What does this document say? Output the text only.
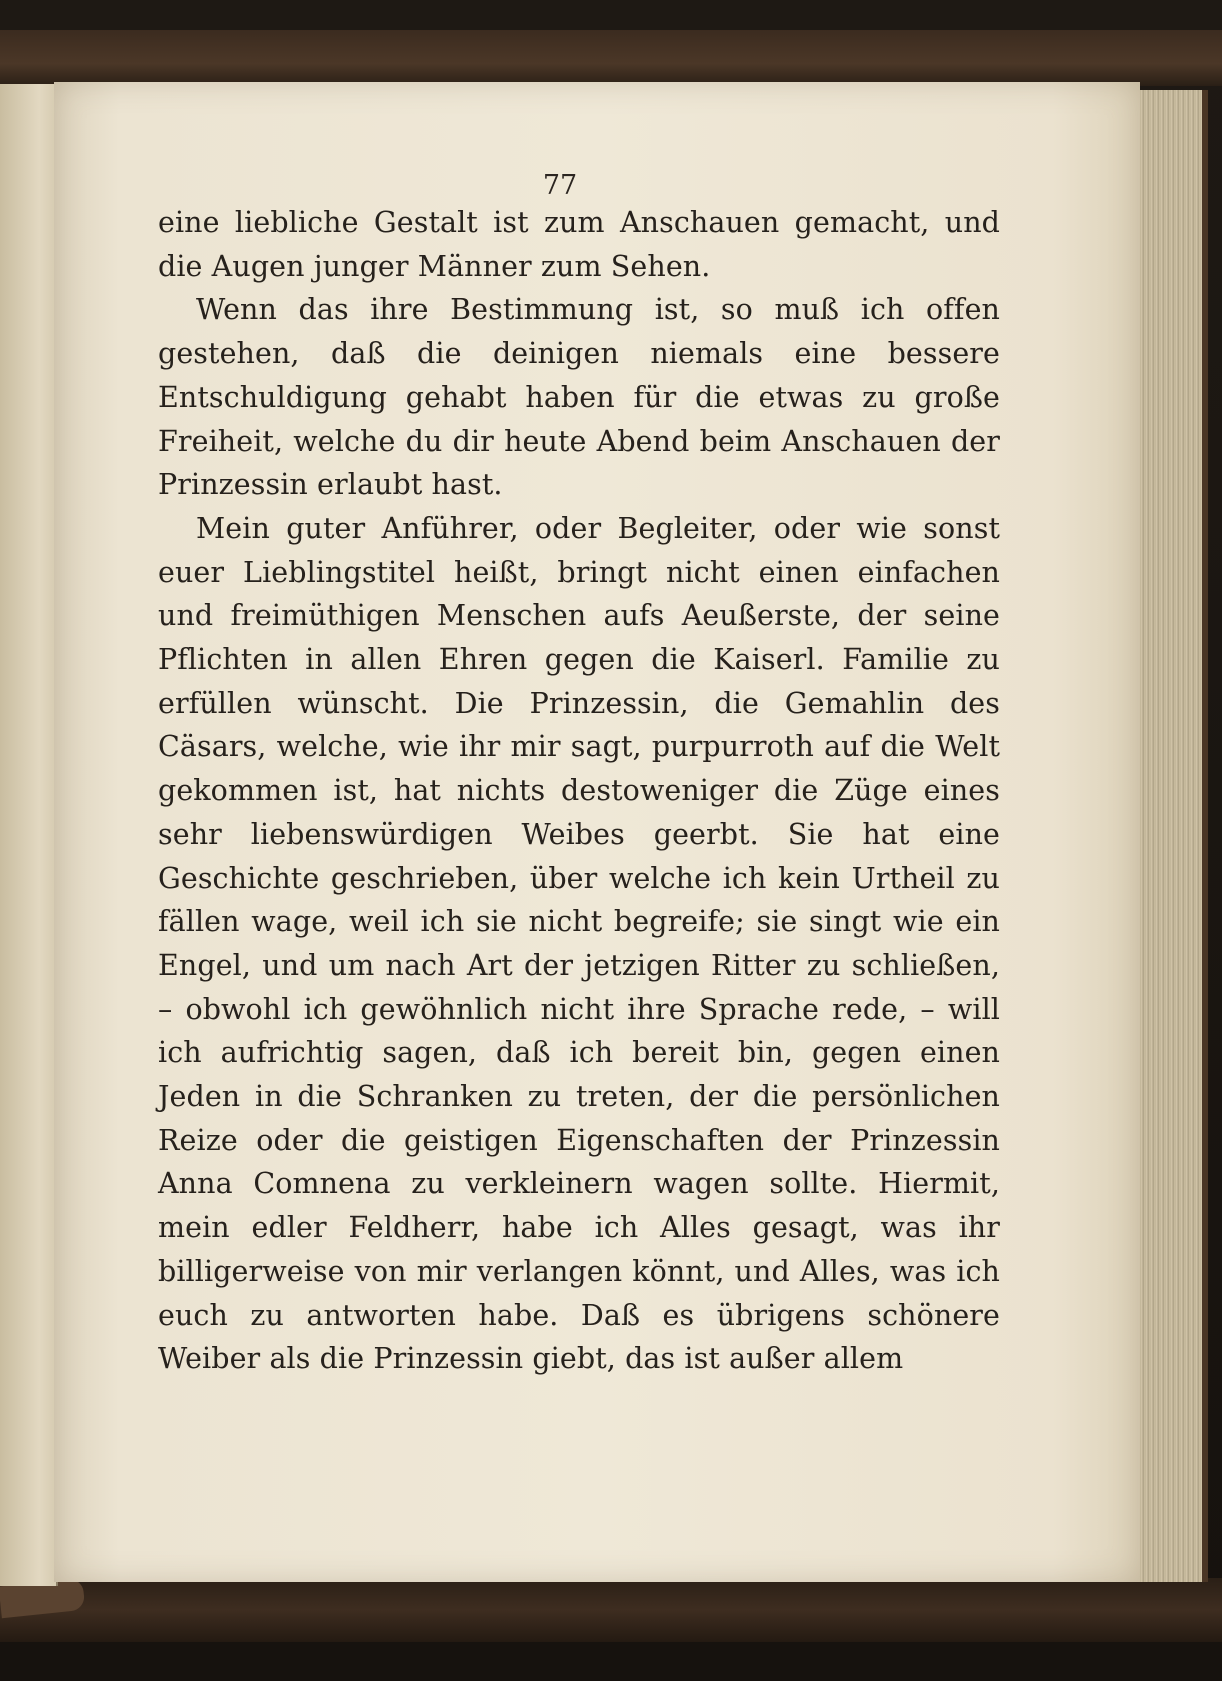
77

eine liebliche Gestalt ist zum Anschauen gemacht, und die Augen junger Männer zum Sehen.

Wenn das ihre Bestimmung ist, so muß ich offen gestehen, daß die deinigen niemals eine bessere Entschuldigung gehabt haben für die etwas zu große Freiheit, welche du dir heute Abend beim Anschauen der Prinzessin erlaubt hast.

Mein guter Anführer, oder Begleiter, oder wie sonst euer Lieblingstitel heißt, bringt nicht einen einfachen und freimüthigen Menschen aufs Aeußerste, der seine Pflichten in allen Ehren gegen die Kaiserl. Familie zu erfüllen wünscht. Die Prinzessin, die Gemahlin des Cäsars, welche, wie ihr mir sagt, purpurroth auf die Welt gekommen ist, hat nichts destoweniger die Züge eines sehr liebenswürdigen Weibes geerbt. Sie hat eine Geschichte geschrieben, über welche ich kein Urtheil zu fällen wage, weil ich sie nicht begreife; sie singt wie ein Engel, und um nach Art der jetzigen Ritter zu schließen, – obwohl ich gewöhnlich nicht ihre Sprache rede, – will ich aufrichtig sagen, daß ich bereit bin, gegen einen Jeden in die Schranken zu treten, der die persönlichen Reize oder die geistigen Eigenschaften der Prinzessin Anna Comnena zu verkleinern wagen sollte. Hiermit, mein edler Feldherr, habe ich Alles gesagt, was ihr billigerweise von mir verlangen könnt, und Alles, was ich euch zu antworten habe. Daß es übrigens schönere Weiber als die Prinzessin giebt, das ist außer allem
